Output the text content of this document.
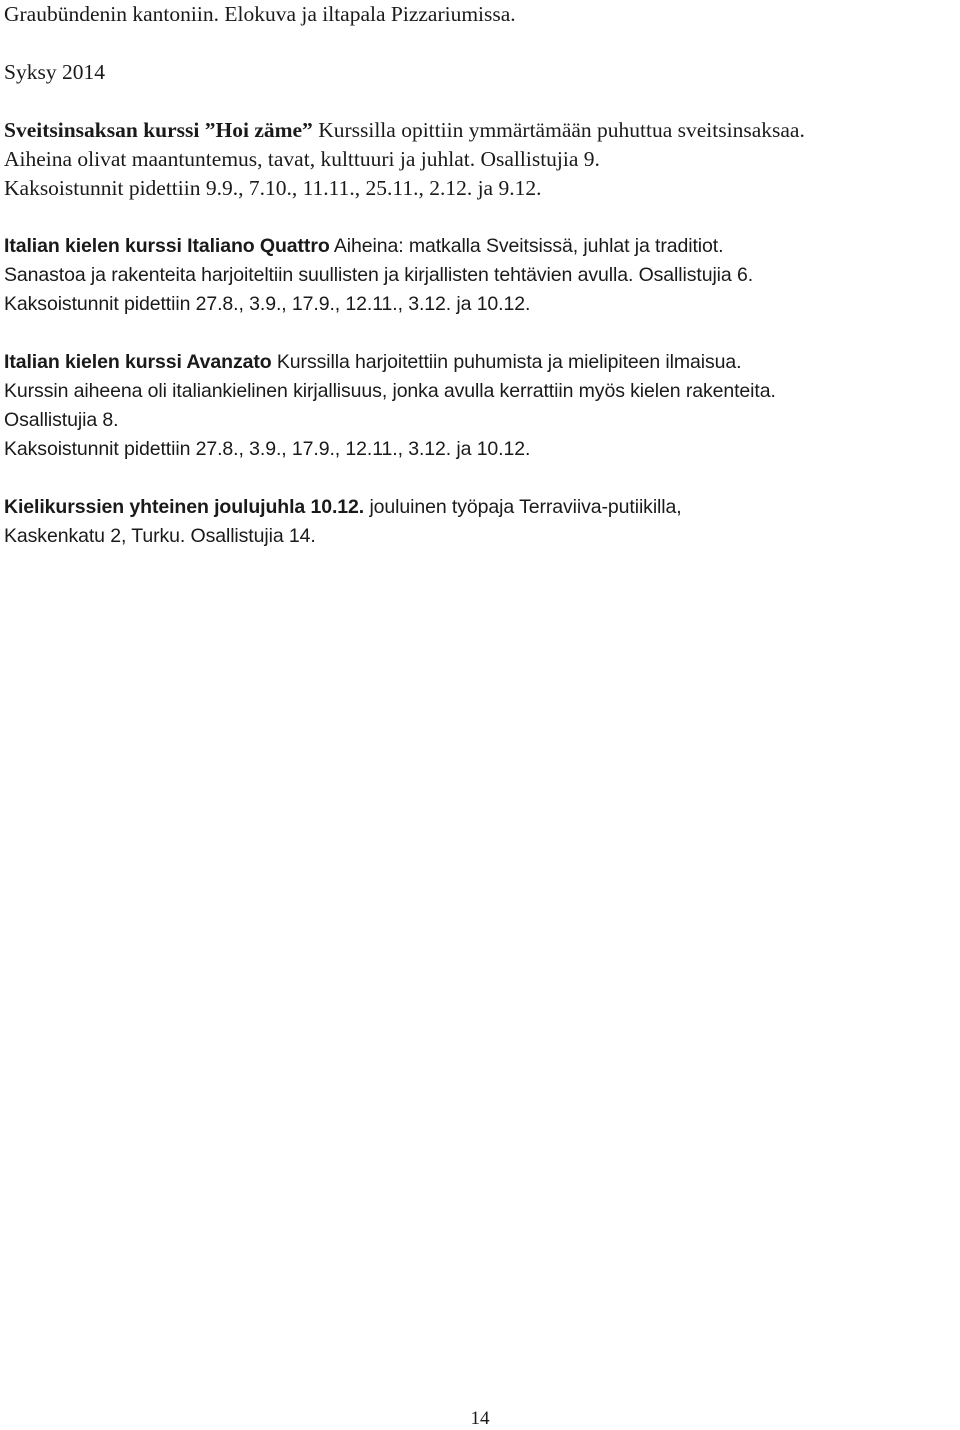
Graubündenin kantoniin. Elokuva ja iltapala Pizzariumissa.
Syksy 2014
Sveitsinsaksan kurssi ”Hoi zäme” Kurssilla opittiin ymmärtämään puhuttua sveitsinsaksaa.
Aiheina olivat maantuntemus, tavat, kulttuuri ja juhlat. Osallistujia 9.
Kaksoistunnit pidettiin 9.9., 7.10., 11.11., 25.11., 2.12. ja 9.12.
Italian kielen kurssi Italiano Quattro Aiheina: matkalla Sveitsissä, juhlat ja traditiot.
Sanastoa ja rakenteita harjoiteltiin suullisten ja kirjallisten tehtävien avulla. Osallistujia 6.
Kaksoistunnit pidettiin 27.8., 3.9., 17.9., 12.11., 3.12. ja 10.12.
Italian kielen kurssi Avanzato Kurssilla harjoitettiin puhumista ja mielipiteen ilmaisua.
Kurssin aiheena oli italiankielinen kirjallisuus, jonka avulla kerrattiin myös kielen rakenteita.
Osallistujia 8.
Kaksoistunnit pidettiin 27.8., 3.9., 17.9., 12.11., 3.12. ja 10.12.
Kielikurssien yhteinen joulujuhla 10.12. jouluinen työpaja Terraviiva-putiikilla,
Kaskenkatu 2, Turku. Osallistujia 14.
14
